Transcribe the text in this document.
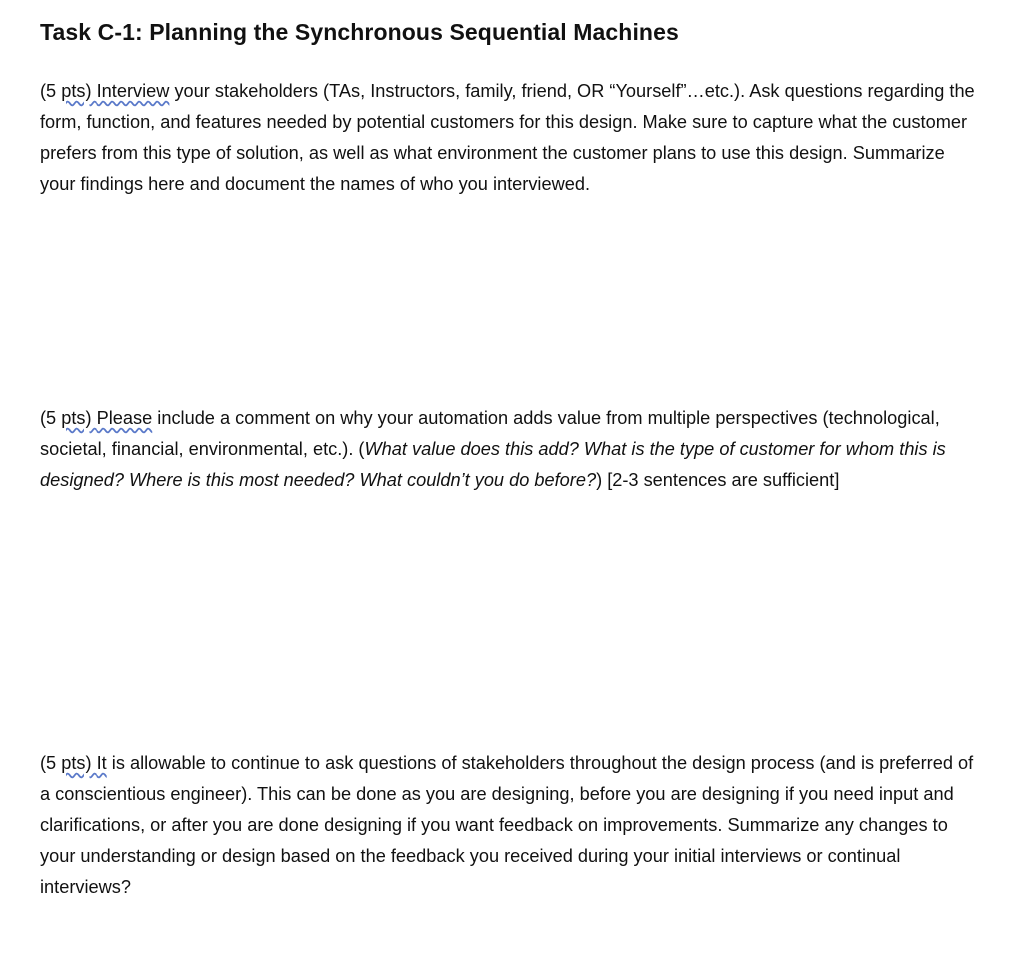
Task C-1: Planning the Synchronous Sequential Machines

(5 pts) Interview your stakeholders (TAs, Instructors, family, friend, OR “Yourself”…etc.). Ask questions regarding the form, function, and features needed by potential customers for this design. Make sure to capture what the customer prefers from this type of solution, as well as what environment the customer plans to use this design. Summarize your findings here and document the names of who you interviewed.

(5 pts) Please include a comment on why your automation adds value from multiple perspectives (technological, societal, financial, environmental, etc.). (What value does this add? What is the type of customer for whom this is designed? Where is this most needed? What couldn’t you do before?) [2-3 sentences are sufficient]

(5 pts) It is allowable to continue to ask questions of stakeholders throughout the design process (and is preferred of a conscientious engineer). This can be done as you are designing, before you are designing if you need input and clarifications, or after you are done designing if you want feedback on improvements. Summarize any changes to your understanding or design based on the feedback you received during your initial interviews or continual interviews?
